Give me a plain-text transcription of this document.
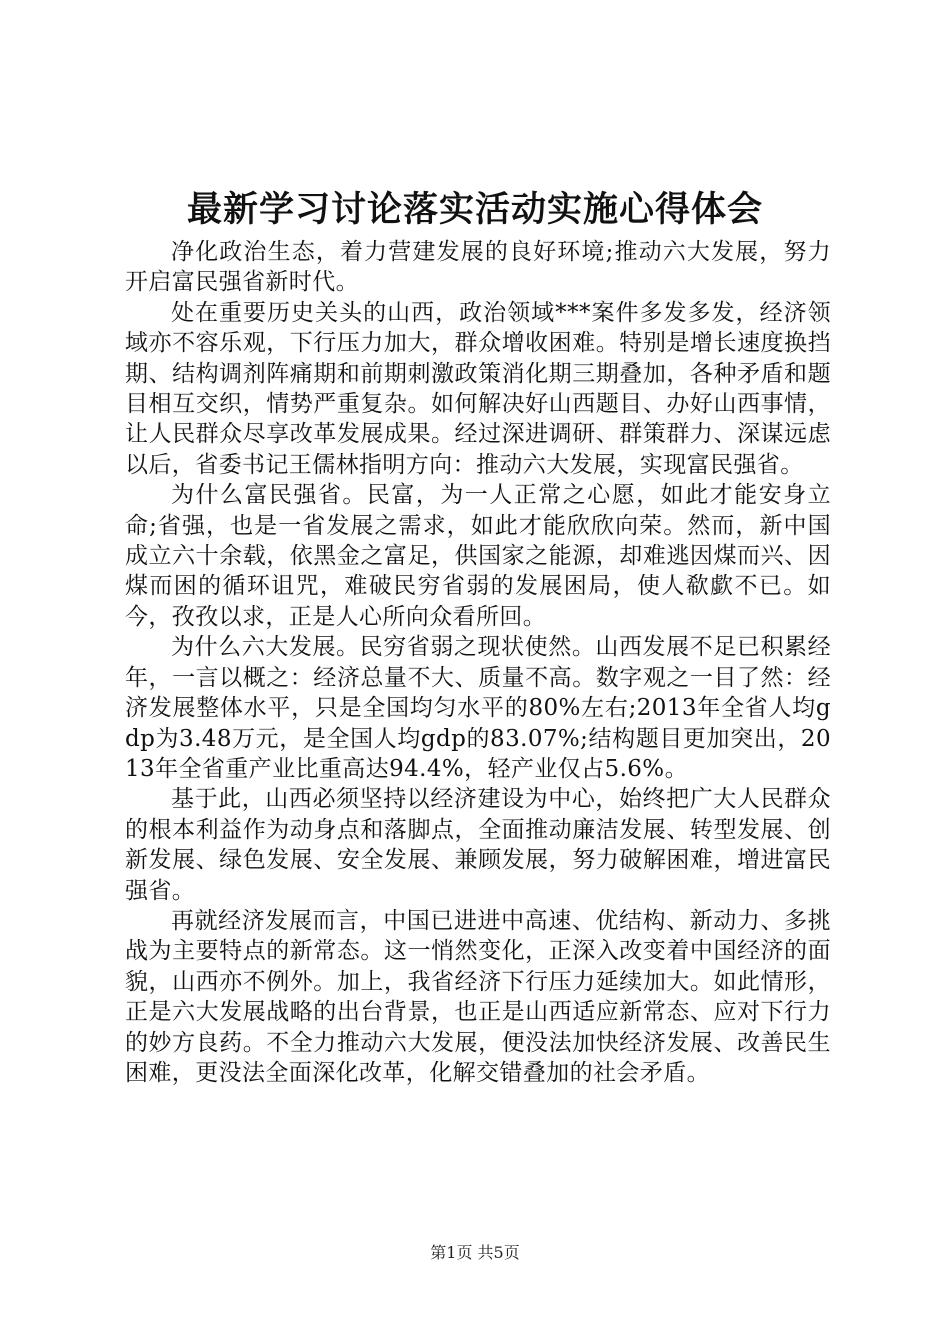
最新学习讨论落实活动实施心得体会

净化政治生态，着力营建发展的良好环境;推动六大发展，努力开启富民强省新时代。

处在重要历史关头的山西，政治领域***案件多发多发，经济领域亦不容乐观，下行压力加大，群众增收困难。特别是增长速度换挡期、结构调剂阵痛期和前期刺激政策消化期三期叠加，各种矛盾和题目相互交织，情势严重复杂。如何解决好山西题目、办好山西事情，让人民群众尽享改革发展成果。经过深进调研、群策群力、深谋远虑以后，省委书记王儒林指明方向：推动六大发展，实现富民强省。

为什么富民强省。民富，为一人正常之心愿，如此才能安身立命;省强，也是一省发展之需求，如此才能欣欣向荣。然而，新中国成立六十余载，依黑金之富足，供国家之能源，却难逃因煤而兴、因煤而困的循环诅咒，难破民穷省弱的发展困局，使人欷歔不已。如今，孜孜以求，正是人心所向众看所回。

为什么六大发展。民穷省弱之现状使然。山西发展不足已积累经年，一言以概之：经济总量不大、质量不高。数字观之一目了然：经济发展整体水平，只是全国均匀水平的80%左右;2013年全省人均gdp为3.48万元，是全国人均gdp的83.07%;结构题目更加突出，2013年全省重产业比重高达94.4%，轻产业仅占5.6%。

基于此，山西必须坚持以经济建设为中心，始终把广大人民群众的根本利益作为动身点和落脚点，全面推动廉洁发展、转型发展、创新发展、绿色发展、安全发展、兼顾发展，努力破解困难，增进富民强省。

再就经济发展而言，中国已进进中高速、优结构、新动力、多挑战为主要特点的新常态。这一悄然变化，正深入改变着中国经济的面貌，山西亦不例外。加上，我省经济下行压力延续加大。如此情形，正是六大发展战略的出台背景，也正是山西适应新常态、应对下行力的妙方良药。不全力推动六大发展，便没法加快经济发展、改善民生困难，更没法全面深化改革，化解交错叠加的社会矛盾。

第1页 共5页
